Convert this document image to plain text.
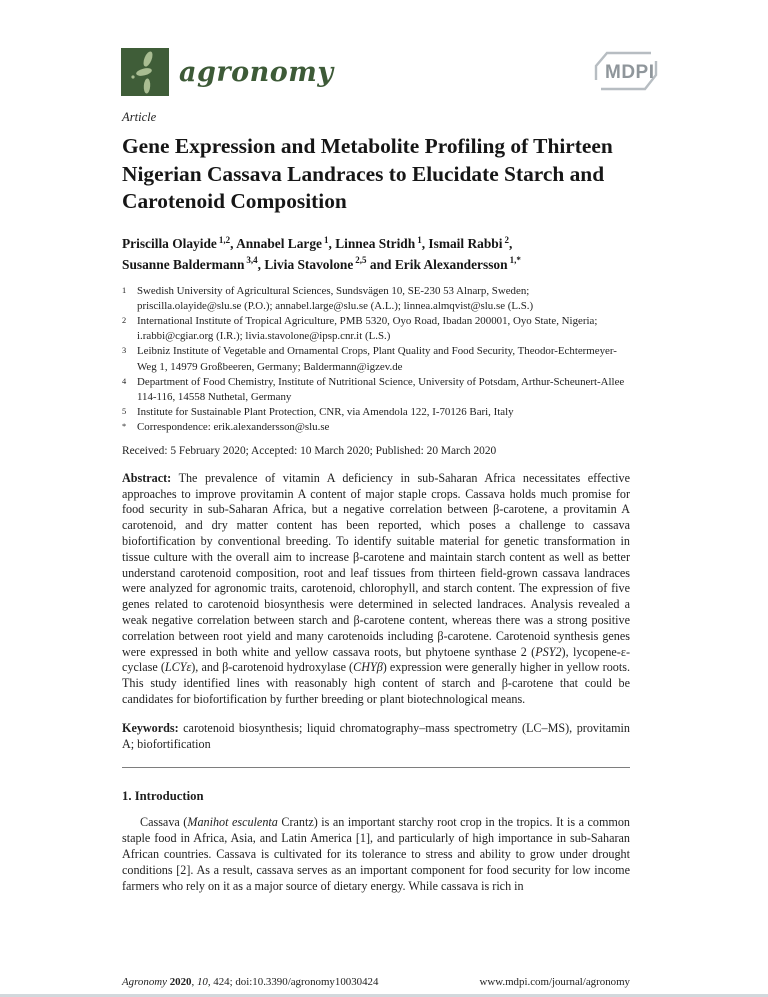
agronomy	MDPI
Article
Gene Expression and Metabolite Profiling of Thirteen Nigerian Cassava Landraces to Elucidate Starch and Carotenoid Composition
Priscilla Olayide $^{1,2}$, Annabel Large $^1$, Linnea Stridh $^1$, Ismail Rabbi $^2$,
Susanne Baldermann $^{3,4}$, Livia Stavolone $^{2,5}$ and Erik Alexandersson $^{1,*}$
1 Swedish University of Agricultural Sciences, Sundsvägen 10, SE-230 53 Alnarp, Sweden; priscilla.olayide@slu.se (P.O.); annabel.large@slu.se (A.L.); linnea.almqvist@slu.se (L.S.)
2 International Institute of Tropical Agriculture, PMB 5320, Oyo Road, Ibadan 200001, Oyo State, Nigeria; i.rabbi@cgiar.org (I.R.); livia.stavolone@ipsp.cnr.it (L.S.)
3 Leibniz Institute of Vegetable and Ornamental Crops, Plant Quality and Food Security, Theodor-Echtermeyer-Weg 1, 14979 Großbeeren, Germany; Baldermann@igzev.de
4 Department of Food Chemistry, Institute of Nutritional Science, University of Potsdam, Arthur-Scheunert-Allee 114-116, 14558 Nuthetal, Germany
5 Institute for Sustainable Plant Protection, CNR, via Amendola 122, I-70126 Bari, Italy
* Correspondence: erik.alexandersson@slu.se
Received: 5 February 2020; Accepted: 10 March 2020; Published: 20 March 2020

Abstract: The prevalence of vitamin A deficiency in sub-Saharan Africa necessitates effective approaches to improve provitamin A content of major staple crops. Cassava holds much promise for food security in sub-Saharan Africa, but a negative correlation between β-carotene, a provitamin A carotenoid, and dry matter content has been reported, which poses a challenge to cassava biofortification by conventional breeding. To identify suitable material for genetic transformation in tissue culture with the overall aim to increase β-carotene and maintain starch content as well as better understand carotenoid composition, root and leaf tissues from thirteen field-grown cassava landraces were analyzed for agronomic traits, carotenoid, chlorophyll, and starch content. The expression of five genes related to carotenoid biosynthesis were determined in selected landraces. Analysis revealed a weak negative correlation between starch and β-carotene content, whereas there was a strong positive correlation between root yield and many carotenoids including β-carotene. Carotenoid synthesis genes were expressed in both white and yellow cassava roots, but phytoene synthase 2 (PSY2), lycopene-ε-cyclase (LCYε), and β-carotenoid hydroxylase (CHYβ) expression were generally higher in yellow roots. This study identified lines with reasonably high content of starch and β-carotene that could be candidates for biofortification by further breeding or plant biotechnological means.

Keywords: carotenoid biosynthesis; liquid chromatography–mass spectrometry (LC–MS), provitamin A; biofortification

1. Introduction

Cassava (Manihot esculenta Crantz) is an important starchy root crop in the tropics. It is a common staple food in Africa, Asia, and Latin America [1], and particularly of high importance in sub-Saharan African countries. Cassava is cultivated for its tolerance to stress and ability to grow under drought conditions [2]. As a result, cassava serves as an important component for food security for low income farmers who rely on it as a major source of dietary energy. While cassava is rich in

Agronomy 2020, 10, 424; doi:10.3390/agronomy10030424	www.mdpi.com/journal/agronomy
